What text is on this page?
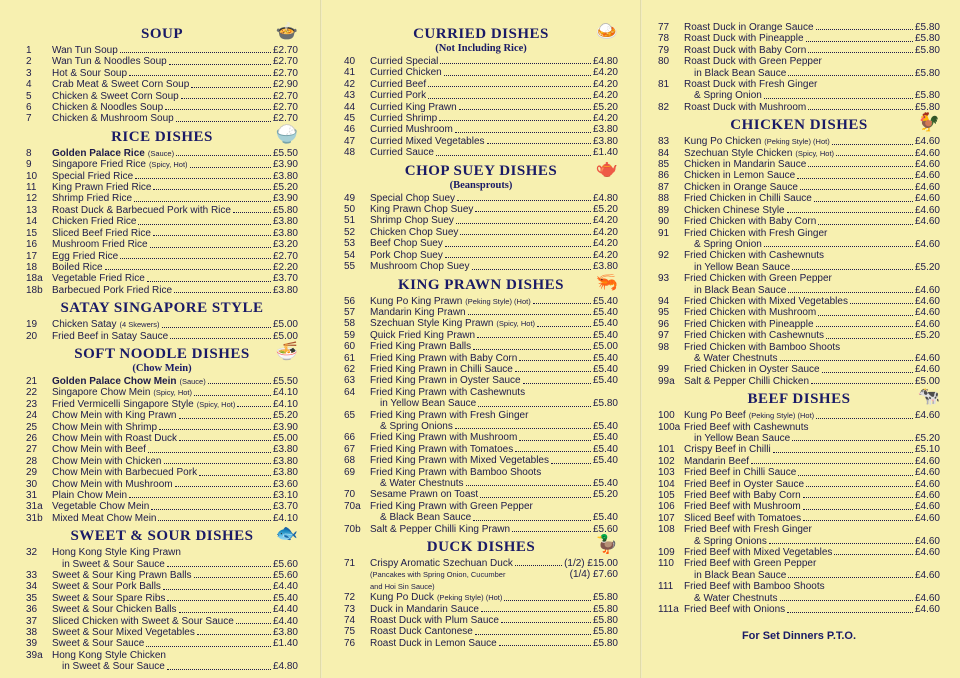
SOUP	🍲
1	Wan Tun Soup	£2.70
2	Wan Tun & Noodles Soup	£2.70
3	Hot & Sour Soup	£2.70
4	Crab Meat & Sweet Corn Soup	£2.90
5	Chicken & Sweet Corn Soup	£2.70
6	Chicken & Noodles Soup	£2.70
7	Chicken & Mushroom Soup	£2.70
RICE DISHES	🍚
8	Golden Palace Rice (Sauce)	£5.50
9	Singapore Fried Rice (Spicy, Hot)	£3.90
10	Special Fried Rice	£3.80
11	King Prawn Fried Rice	£5.20
12	Shrimp Fried Rice	£3.90
13	Roast Duck & Barbecued Pork with Rice	£5.80
14	Chicken Fried Rice	£3.80
15	Sliced Beef Fried Rice	£3.80
16	Mushroom Fried Rice	£3.20
17	Egg Fried Rice	£2.70
18	Boiled Rice	£2.20
18a Vegetable Fried Rice	£3.70
18b Barbecued Pork Fried Rice	£3.80
SATAY SINGAPORE STYLE
19	Chicken Satay (4 Skewers)	£5.00
20	Fried Beef in Satay Sauce	£5.00
SOFT NOODLE DISHES 🍜
(Chow Mein)
21	Golden Palace Chow Mein (Sauce)	£5.50
22	Singapore Chow Mein (Spicy, Hot)	£4.10
23	Fried Vermicelli Singapore Style (Spicy, Hot)	£4.10
24	Chow Mein with King Prawn	£5.20
25	Chow Mein with Shrimp	£3.90
26	Chow Mein with Roast Duck	£5.00
27	Chow Mein with Beef	£3.80
28	Chow Mein with Chicken	£3.80
29	Chow Mein with Barbecued Pork	£3.80
30	Chow Mein with Mushroom	£3.60
31	Plain Chow Mein	£3.10
31a Vegetable Chow Mein	£3.70
31b Mixed Meat Chow Mein	£4.10
SWEET & SOUR DISHES 🐟
32	Hong Kong Style King Prawn
in Sweet & Sour Sauce	£5.60
33	Sweet & Sour King Prawn Balls	£5.60
34	Sweet & Sour Pork Balls	£4.40
35	Sweet & Sour Spare Ribs	£5.40
36	Sweet & Sour Chicken Balls	£4.40
37	Sliced Chicken with Sweet & Sour Sauce	£4.40
38	Sweet & Sour Mixed Vegetables	£3.80
39	Sweet & Sour Sauce	£1.40
39a Hong Kong Style Chicken
in Sweet & Sour Sauce	£4.80
CURRIED DISHES	🍛
(Not Including Rice)
40	Curried Special	£4.80
41	Curried Chicken	£4.20
42	Curried Beef	£4.20
43	Curried Pork	£4.20
44	Curried King Prawn	£5.20
45	Curried Shrimp	£4.20
46	Curried Mushroom	£3.80
47	Curried Mixed Vegetables	£3.80
48	Curried Sauce	£1.40
CHOP SUEY DISHES 🫖
(Beansprouts)
49	Special Chop Suey	£4.80
50	King Prawn Chop Suey	£5.20
51	Shrimp Chop Suey	£4.20
52	Chicken Chop Suey	£4.20
53	Beef Chop Suey	£4.20
54	Pork Chop Suey	£4.20
55	Mushroom Chop Suey	£3.80
KING PRAWN DISHES 🦐
56	Kung Po King Prawn (Peking Style) (Hot)	£5.40
57	Mandarin King Prawn	£5.40
58	Szechuan Style King Prawn (Spicy, Hot)	£5.40
59	Quick Fried King Prawn	£5.40
60	Fried King Prawn Balls	£5.00
61	Fried King Prawn with Baby Corn	£5.40
62	Fried King Prawn in Chilli Sauce	£5.40
63	Fried King Prawn in Oyster Sauce	£5.40
64	Fried King Prawn with Cashewnuts
in Yellow Bean Sauce	£5.80
65	Fried King Prawn with Fresh Ginger
& Spring Onions	£5.40
66	Fried King Prawn with Mushroom	£5.40
67	Fried King Prawn with Tomatoes	£5.40
68	Fried King Prawn with Mixed Vegetables	£5.40
69	Fried King Prawn with Bamboo Shoots
& Water Chestnuts	£5.40
70	Sesame Prawn on Toast	£5.20
70a Fried King Prawn with Green Pepper
& Black Bean Sauce	£5.40
70b Salt & Pepper Chilli King Prawn	£5.60
DUCK DISHES	🦆
71	Crispy Aromatic Szechuan Duck	(1/2) £15.00
(Pancakes with Spring Onion, Cucumber	(1/4) £7.60
and Hoi Sin Sauce)
72	Kung Po Duck (Peking Style) (Hot)	£5.80
73	Duck in Mandarin Sauce	£5.80
74	Roast Duck with Plum Sauce	£5.80
75	Roast Duck Cantonese	£5.80
76	Roast Duck in Lemon Sauce	£5.80
77	Roast Duck in Orange Sauce	£5.80
78	Roast Duck with Pineapple	£5.80
79	Roast Duck with Baby Corn	£5.80
80	Roast Duck with Green Pepper
in Black Bean Sauce	£5.80
81	Roast Duck with Fresh Ginger
& Spring Onion	£5.80
82	Roast Duck with Mushroom	£5.80
CHICKEN DISHES	🐓
83	Kung Po Chicken (Peking Style) (Hot)	£4.60
84	Szechuan Style Chicken (Spicy, Hot)	£4.60
85	Chicken in Mandarin Sauce	£4.60
86	Chicken in Lemon Sauce	£4.60
87	Chicken in Orange Sauce	£4.60
88	Fried Chicken in Chilli Sauce	£4.60
89	Chicken Chinese Style	£4.60
90	Fried Chicken with Baby Corn	£4.60
91	Fried Chicken with Fresh Ginger
& Spring Onion	£4.60
92	Fried Chicken with Cashewnuts
in Yellow Bean Sauce	£5.20
93	Fried Chicken with Green Pepper
in Black Bean Sauce	£4.60
94	Fried Chicken with Mixed Vegetables	£4.60
95	Fried Chicken with Mushroom	£4.60
96	Fried Chicken with Pineapple	£4.60
97	Fried Chicken with Cashewnuts	£5.20
98	Fried Chicken with Bamboo Shoots
& Water Chestnuts	£4.60
99	Fried Chicken in Oyster Sauce	£4.60
99a Salt & Pepper Chilli Chicken	£5.00
BEEF DISHES	🐄
100 Kung Po Beef (Peking Style) (Hot)	£4.60
100a Fried Beef with Cashewnuts
in Yellow Bean Sauce	£5.20
101 Crispy Beef in Chilli	£5.10
102 Mandarin Beef	£4.60
103 Fried Beef in Chilli Sauce	£4.60
104 Fried Beef in Oyster Sauce	£4.60
105 Fried Beef with Baby Corn	£4.60
106 Fried Beef with Mushroom	£4.60
107 Sliced Beef with Tomatoes	£4.60
108 Fried Beef with Fresh Ginger
& Spring Onions	£4.60
109 Fried Beef with Mixed Vegetables	£4.60
110	Fried Beef with Green Pepper
in Black Bean Sauce	£4.60
111	Fried Beef with Bamboo Shoots
& Water Chestnuts	£4.60
111a Fried Beef with Onions	£4.60
For Set Dinners P.T.O.
